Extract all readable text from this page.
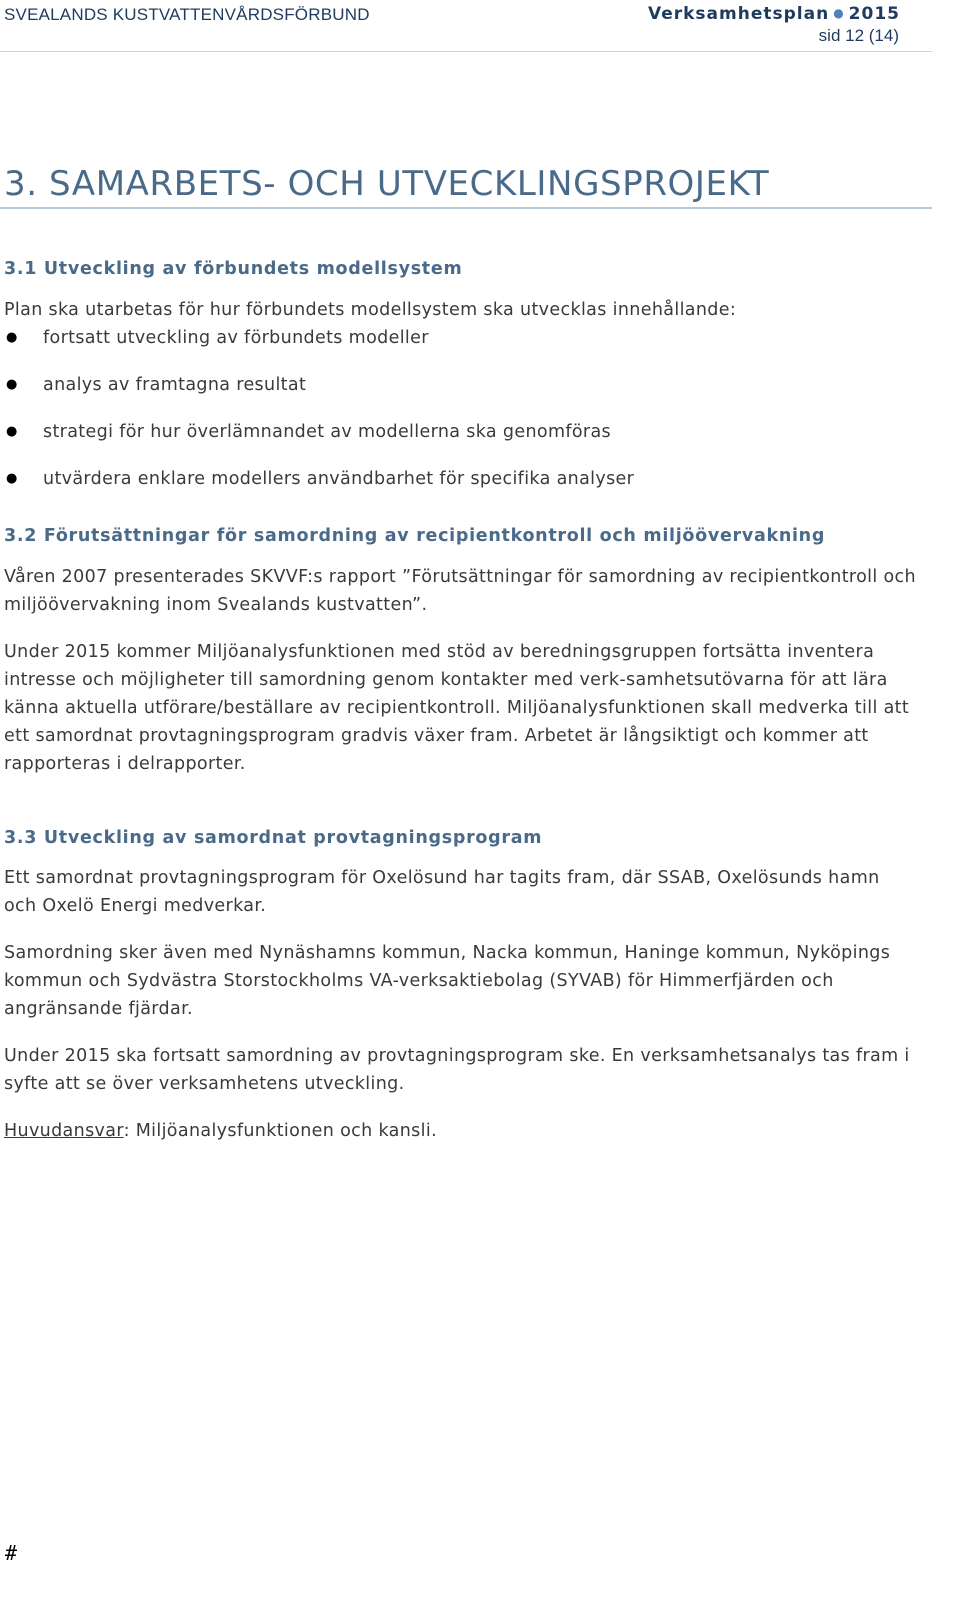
SVEALANDS KUSTVATTENVÅRDSFÖRBUND	Verksamhetsplan ● 2015
sid 12 (14)
3. SAMARBETS- OCH UTVECKLINGSPROJEKT
3.1 Utveckling av förbundets modellsystem

Plan ska utarbetas för hur förbundets modellsystem ska utvecklas innehållande:

● fortsatt utveckling av förbundets modeller
● analys av framtagna resultat
● strategi för hur överlämnandet av modellerna ska genomföras
● utvärdera enklare modellers användbarhet för specifika analyser
3.2 Förutsättningar för samordning av recipientkontroll och miljöövervakning

Våren 2007 presenterades SKVVF:s rapport ”Förutsättningar för samordning av recipientkontroll och miljöövervakning inom Svealands kustvatten”.

Under 2015 kommer Miljöanalysfunktionen med stöd av beredningsgruppen fortsätta inventera intresse och möjligheter till samordning genom kontakter med verk-samhetsutövarna för att lära känna aktuella utförare/beställare av recipientkontroll. Miljöanalysfunktionen skall medverka till att ett samordnat provtagningsprogram gradvis växer fram. Arbetet är långsiktigt och kommer att rapporteras i delrapporter.

3.3 Utveckling av samordnat provtagningsprogram

Ett samordnat provtagningsprogram för Oxelösund har tagits fram, där SSAB, Oxelösunds hamn och Oxelö Energi medverkar.

Samordning sker även med Nynäshamns kommun, Nacka kommun, Haninge kommun, Nyköpings kommun och Sydvästra Storstockholms VA-verksaktiebolag (SYVAB) för Himmerfjärden och angränsande fjärdar.

Under 2015 ska fortsatt samordning av provtagningsprogram ske. En verksamhetsanalys tas fram i syfte att se över verksamhetens utveckling.

Huvudansvar: Miljöanalysfunktionen och kansli.

#
